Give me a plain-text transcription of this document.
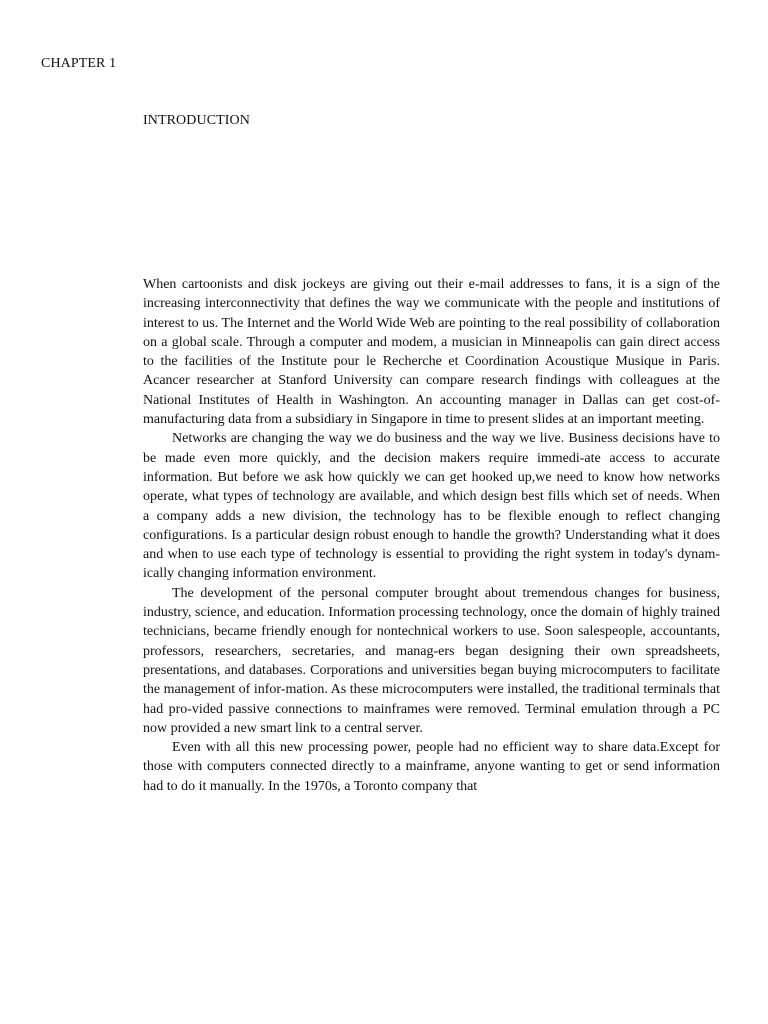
CHAPTER 1
INTRODUCTION

When cartoonists and disk jockeys are giving out their e-mail addresses to fans, it is a sign of the increasing interconnectivity that defines the way we communicate with the people and institutions of interest to us. The Internet and the World Wide Web are pointing to the real possibility of collaboration on a global scale. Through a computer and modem, a musician in Minneapolis can gain direct access to the facilities of the Institute pour le Recherche et Coordination Acoustique Musique in Paris. Acancer researcher at Stanford University can compare research findings with colleagues at the National Institutes of Health in Washington. An accounting manager in Dallas can get cost-of-manufacturing data from a subsidiary in Singapore in time to present slides at an important meeting.

Networks are changing the way we do business and the way we live. Business decisions have to be made even more quickly, and the decision makers require immedi-ate access to accurate information. But before we ask how quickly we can get hooked up,we need to know how networks operate, what types of technology are available, and which design best fills which set of needs. When a company adds a new division, the technology has to be flexible enough to reflect changing configurations. Is a particular design robust enough to handle the growth? Understanding what it does and when to use each type of technology is essential to providing the right system in today's dynam-ically changing information environment.

The development of the personal computer brought about tremendous changes for business, industry, science, and education. Information processing technology, once the domain of highly trained technicians, became friendly enough for nontechnical workers to use. Soon salespeople, accountants, professors, researchers, secretaries, and manag-ers began designing their own spreadsheets, presentations, and databases. Corporations and universities began buying microcomputers to facilitate the management of infor-mation. As these microcomputers were installed, the traditional terminals that had pro-vided passive connections to mainframes were removed. Terminal emulation through a PC now provided a new smart link to a central server.

Even with all this new processing power, people had no efficient way to share data.Except for those with computers connected directly to a mainframe, anyone wanting to get or send information had to do it manually. In the 1970s, a Toronto company that
